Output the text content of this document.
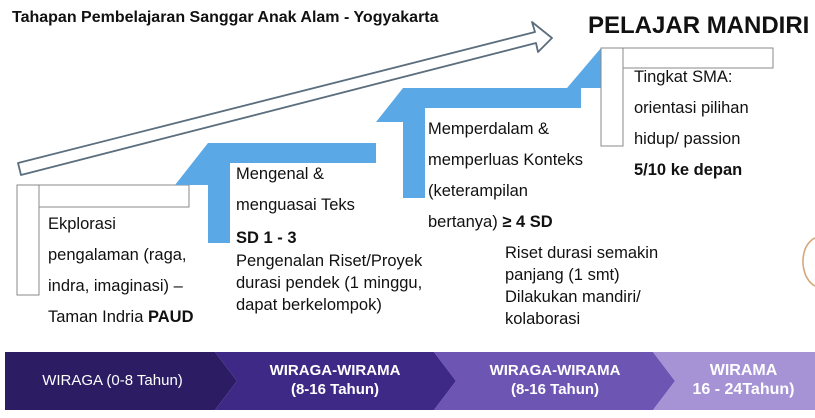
Tahapan Pembelajaran Sanggar Anak Alam - Yogyakarta	PELAJAR MANDIRI
Ekplorasi
pengalaman (raga,
indra, imaginasi) –
Taman Indria PAUD
Mengenal &
menguasai Teks
SD 1 - 3
Pengenalan Riset/Proyek
durasi pendek (1 minggu,
dapat berkelompok)
Memperdalam &
memperluas Konteks
(keterampilan
bertanya) ≥ 4 SD
Riset durasi semakin
panjang (1 smt)
Dilakukan mandiri/
kolaborasi
Tingkat SMA:
orientasi pilihan
hidup/ passion
5/10 ke depan
WIRAGA (0-8 Tahun)
WIRAGA-WIRAMA
(8-16 Tahun)
WIRAGA-WIRAMA
(8-16 Tahun)
WIRAMA
16 - 24Tahun)
